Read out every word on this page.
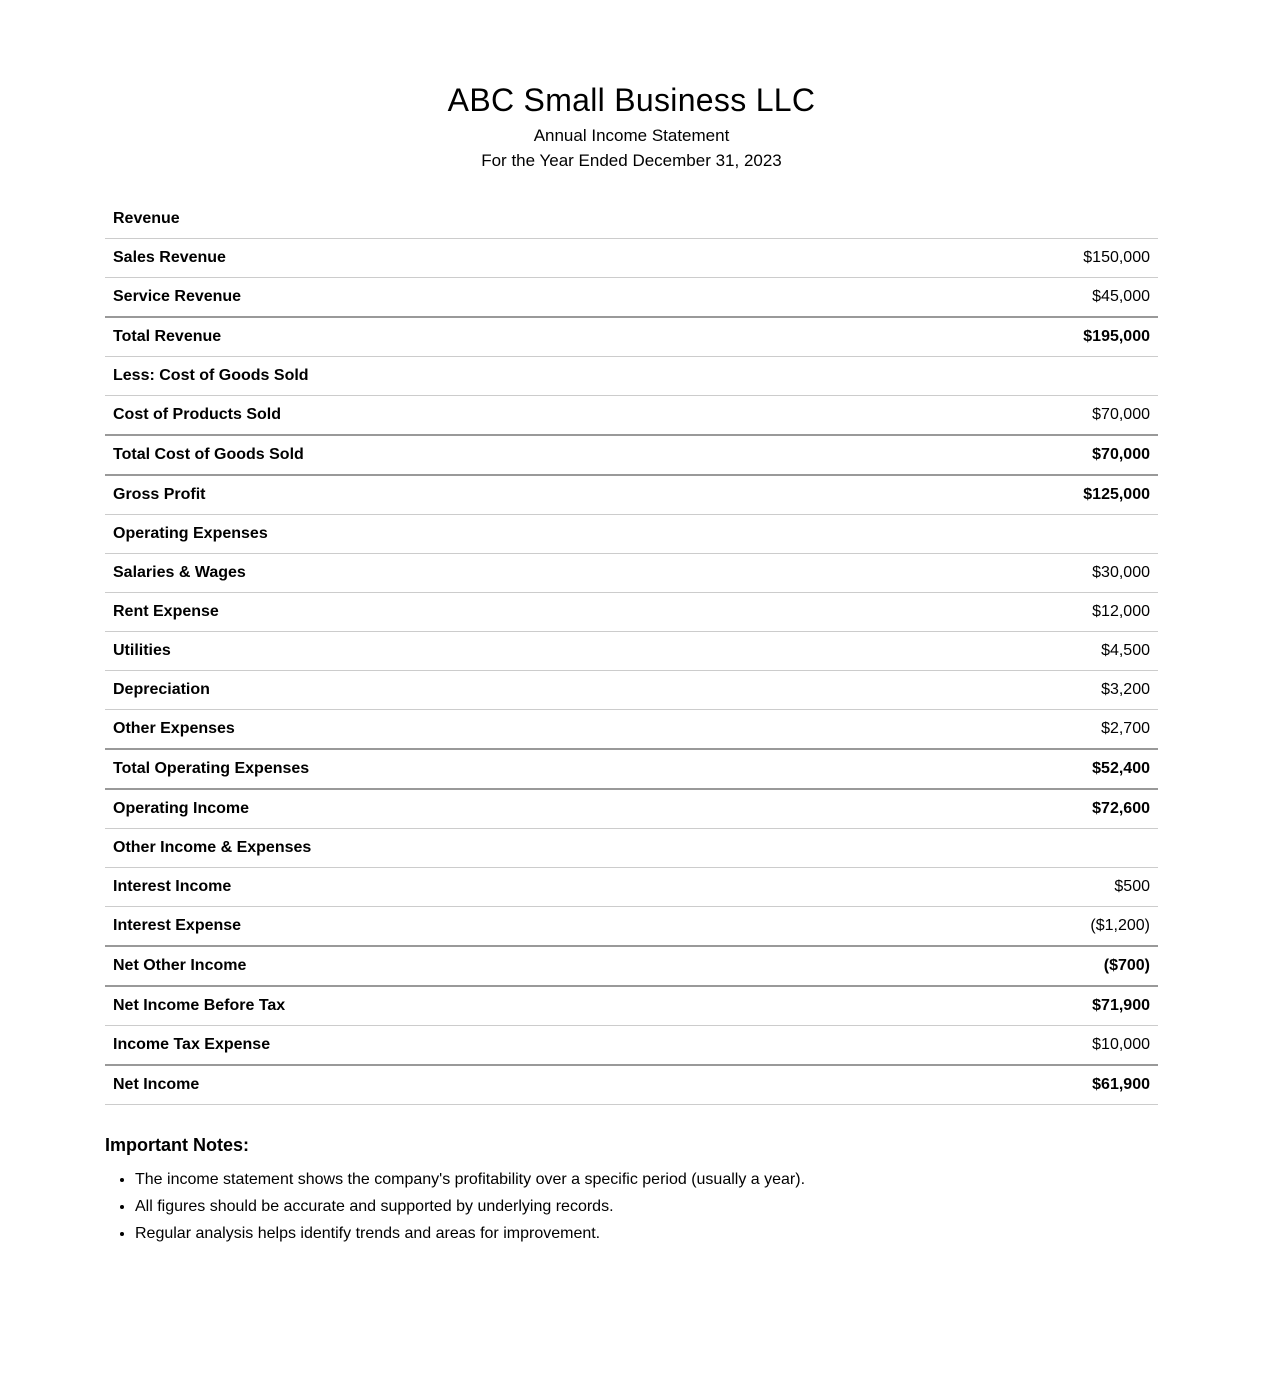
ABC Small Business LLC
Annual Income Statement
For the Year Ended December 31, 2023
Revenue	
Sales Revenue	$150,000
Service Revenue	$45,000
Total Revenue	$195,000
Less: Cost of Goods Sold	
Cost of Products Sold	$70,000
Total Cost of Goods Sold	$70,000
Gross Profit	$125,000
Operating Expenses	
Salaries & Wages	$30,000
Rent Expense	$12,000
Utilities	$4,500
Depreciation	$3,200
Other Expenses	$2,700
Total Operating Expenses	$52,400
Operating Income	$72,600
Other Income & Expenses	
Interest Income	$500
Interest Expense	($1,200)
Net Other Income	($700)
Net Income Before Tax	$71,900
Income Tax Expense	$10,000
Net Income	$61,900
Important Notes:
• The income statement shows the company's profitability over a specific period (usually a year).
• All figures should be accurate and supported by underlying records.
• Regular analysis helps identify trends and areas for improvement.
